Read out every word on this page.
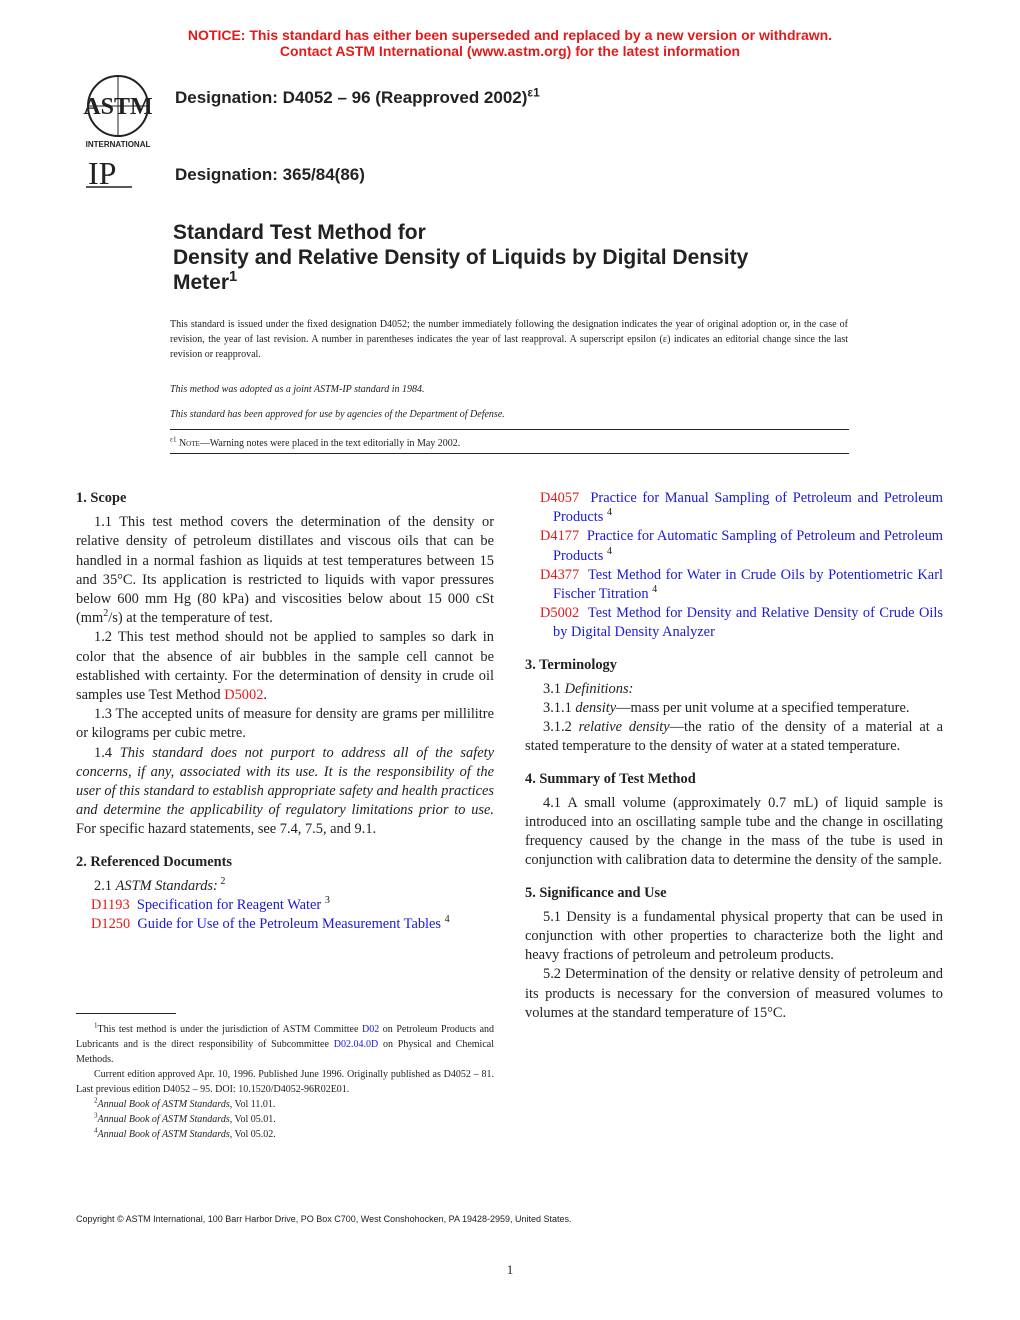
NOTICE: This standard has either been superseded and replaced by a new version or withdrawn.
Contact ASTM International (www.astm.org) for the latest information
ASTM
INTERNATIONAL
IP
Designation: D4052 – 96 (Reapproved 2002)$^{\varepsilon 1}$
Designation: 365/84(86)
Standard Test Method for
Density and Relative Density of Liquids by Digital Density
Meter$^1$
This standard is issued under the fixed designation D4052; the number immediately following the designation indicates the year of original adoption or, in the case of revision, the year of last revision. A number in parentheses indicates the year of last reapproval. A superscript epsilon (ε) indicates an editorial change since the last revision or reapproval.
This method was adopted as a joint ASTM-IP standard in 1984.
This standard has been approved for use by agencies of the Department of Defense.
$^{\varepsilon 1}$ Note—Warning notes were placed in the text editorially in May 2002.

1. Scope

1.1 This test method covers the determination of the density or relative density of petroleum distillates and viscous oils that can be handled in a normal fashion as liquids at test temperatures between 15 and 35°C. Its application is restricted to liquids with vapor pressures below 600 mm Hg (80 kPa) and viscosities below about 15 000 cSt $(mm^2/s)$ at the temperature of test.

1.2 This test method should not be applied to samples so dark in color that the absence of air bubbles in the sample cell cannot be established with certainty. For the determination of density in crude oil samples use Test Method D5002.

1.3 The accepted units of measure for density are grams per millilitre or kilograms per cubic metre.

1.4 This standard does not purport to address all of the safety concerns, if any, associated with its use. It is the responsibility of the user of this standard to establish appropriate safety and health practices and determine the applicability of regulatory limitations prior to use. For specific hazard statements, see 7.4, 7.5, and 9.1.

2. Referenced Documents

2.1 ASTM Standards: $^2$

D1193 Specification for Reagent Water $^3$

D1250 Guide for Use of the Petroleum Measurement Tables $^4$

$^1$This test method is under the jurisdiction of ASTM Committee D02 on Petroleum Products and Lubricants and is the direct responsibility of Subcommittee D02.04.0D on Physical and Chemical Methods.

Current edition approved Apr. 10, 1996. Published June 1996. Originally published as D4052 – 81. Last previous edition D4052 – 95. DOI: 10.1520/D4052-96R02E01.

$^2$Annual Book of ASTM Standards, Vol 11.01.

$^3$Annual Book of ASTM Standards, Vol 05.01.

$^4$Annual Book of ASTM Standards, Vol 05.02.

D4057 Practice for Manual Sampling of Petroleum and Petroleum Products $^4$

D4177 Practice for Automatic Sampling of Petroleum and Petroleum Products $^4$

D4377 Test Method for Water in Crude Oils by Potentiometric Karl Fischer Titration $^4$

D5002 Test Method for Density and Relative Density of Crude Oils by Digital Density Analyzer

3. Terminology

3.1 Definitions:

3.1.1 density—mass per unit volume at a specified temperature.

3.1.2 relative density—the ratio of the density of a material at a stated temperature to the density of water at a stated temperature.

4. Summary of Test Method

4.1 A small volume (approximately 0.7 mL) of liquid sample is introduced into an oscillating sample tube and the change in oscillating frequency caused by the change in the mass of the tube is used in conjunction with calibration data to determine the density of the sample.

5. Significance and Use

5.1 Density is a fundamental physical property that can be used in conjunction with other properties to characterize both the light and heavy fractions of petroleum and petroleum products.

5.2 Determination of the density or relative density of petroleum and its products is necessary for the conversion of measured volumes to volumes at the standard temperature of 15°C.

Copyright © ASTM International, 100 Barr Harbor Drive, PO Box C700, West Conshohocken, PA 19428-2959, United States.
1
